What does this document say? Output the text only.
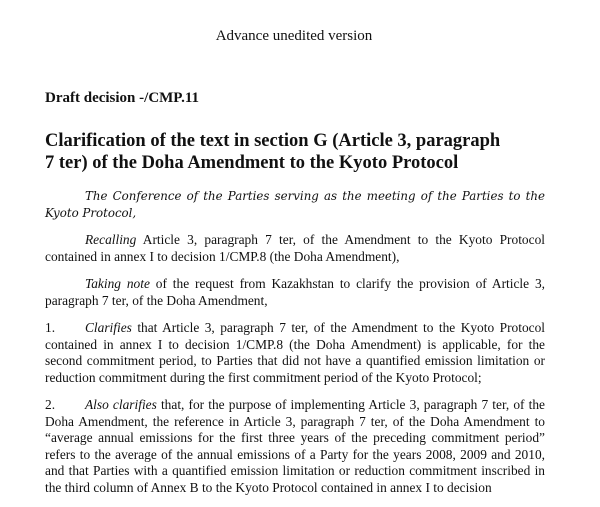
Advance unedited version
Draft decision -/CMP.11
Clarification of the text in section G (Article 3, paragraph
7 ter) of the Doha Amendment to the Kyoto Protocol

The Conference of the Parties serving as the meeting of the Parties to the Kyoto Protocol,

Recalling Article 3, paragraph 7 ter, of the Amendment to the Kyoto Protocol contained in annex I to decision 1/CMP.8 (the Doha Amendment),

Taking note of the request from Kazakhstan to clarify the provision of Article 3, paragraph 7 ter, of the Doha Amendment,

1. Clarifies that Article 3, paragraph 7 ter, of the Amendment to the Kyoto Protocol contained in annex I to decision 1/CMP.8 (the Doha Amendment) is applicable, for the second commitment period, to Parties that did not have a quantified emission limitation or reduction commitment during the first commitment period of the Kyoto Protocol;

2. Also clarifies that, for the purpose of implementing Article 3, paragraph 7 ter, of the Doha Amendment, the reference in Article 3, paragraph 7 ter, of the Doha Amendment to “average annual emissions for the first three years of the preceding commitment period” refers to the average of the annual emissions of a Party for the years 2008, 2009 and 2010, and that Parties with a quantified emission limitation or reduction commitment inscribed in the third column of Annex B to the Kyoto Protocol contained in annex I to decision
